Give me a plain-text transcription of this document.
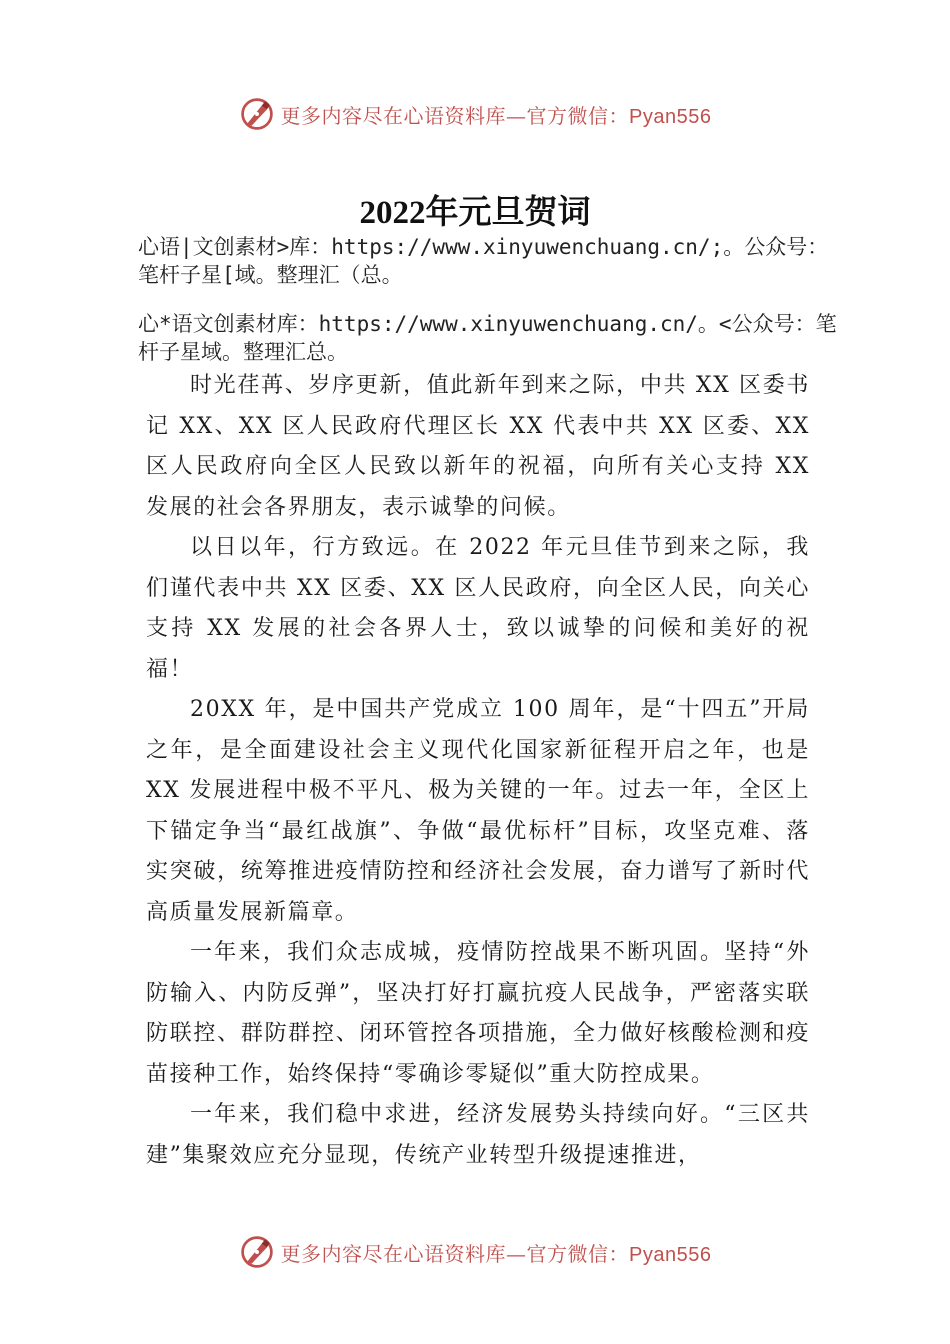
更多内容尽在心语资料库—官方微信：Pyan556
2022年元旦贺词

心语|文创素材>库：https://www.xinyuwenchuang.cn/;。公众号：笔杆子星[域。整理汇（总。

心*语文创素材库：https://www.xinyuwenchuang.cn/。<公众号：笔杆子星域。整理汇总。

时光荏苒、岁序更新，值此新年到来之际，中共 XX 区委书记 XX、XX 区人民政府代理区长 XX 代表中共 XX 区委、XX 区人民政府向全区人民致以新年的祝福，向所有关心支持 XX 发展的社会各界朋友，表示诚挚的问候。

以日以年，行方致远。在 2022 年元旦佳节到来之际，我们谨代表中共 XX 区委、XX 区人民政府，向全区人民，向关心支持 XX 发展的社会各界人士，致以诚挚的问候和美好的祝福！

20XX 年，是中国共产党成立 100 周年，是“十四五”开局之年，是全面建设社会主义现代化国家新征程开启之年，也是 XX 发展进程中极不平凡、极为关键的一年。过去一年，全区上下锚定争当“最红战旗”、争做“最优标杆”目标，攻坚克难、落实突破，统筹推进疫情防控和经济社会发展，奋力谱写了新时代高质量发展新篇章。

一年来，我们众志成城，疫情防控战果不断巩固。坚持“外防输入、内防反弹”，坚决打好打赢抗疫人民战争，严密落实联防联控、群防群控、闭环管控各项措施，全力做好核酸检测和疫苗接种工作，始终保持“零确诊零疑似”重大防控成果。

一年来，我们稳中求进，经济发展势头持续向好。“三区共建”集聚效应充分显现，传统产业转型升级提速推进，

更多内容尽在心语资料库—官方微信：Pyan556
